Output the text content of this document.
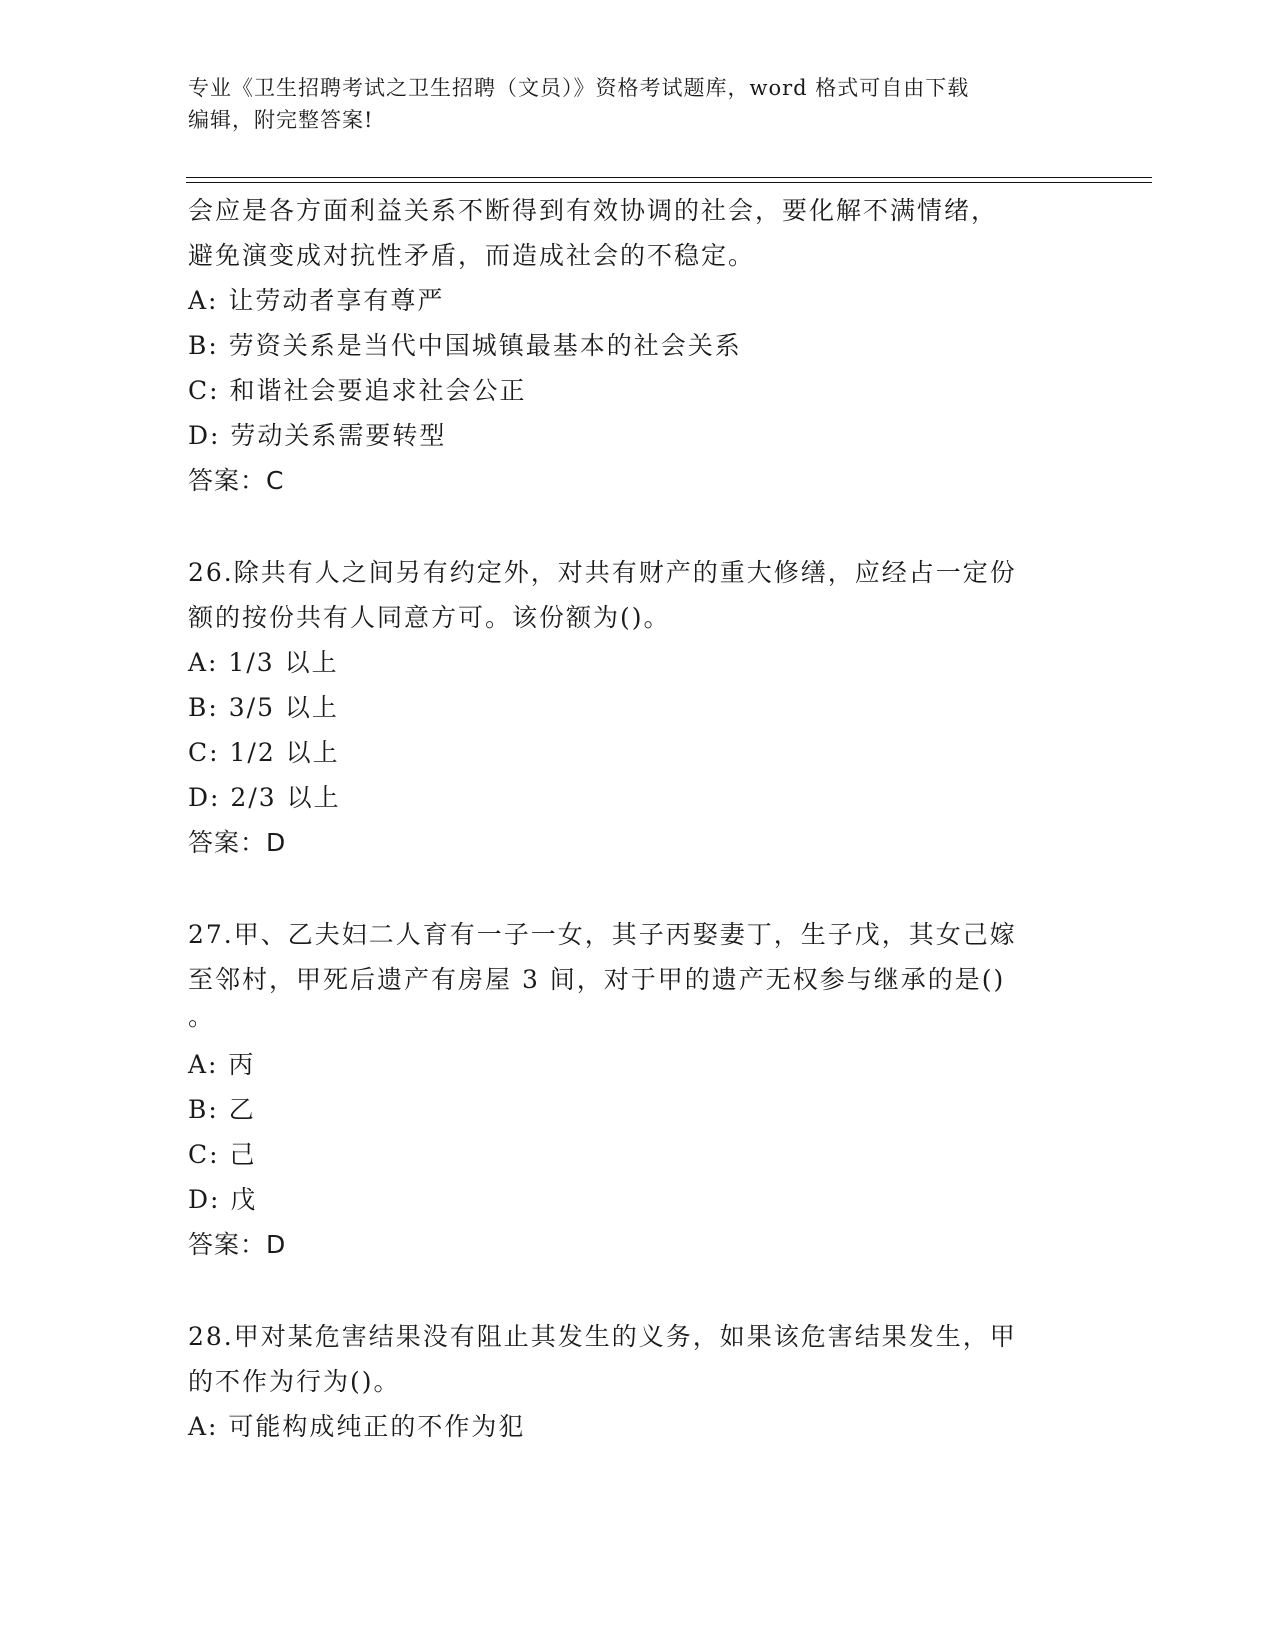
专业《卫生招聘考试之卫生招聘（文员）》资格考试题库，word 格式可自由下载
编辑，附完整答案!
会应是各方面利益关系不断得到有效协调的社会，要化解不满情绪，
避免演变成对抗性矛盾，而造成社会的不稳定。
A: 让劳动者享有尊严
B: 劳资关系是当代中国城镇最基本的社会关系
C: 和谐社会要追求社会公正
D: 劳动关系需要转型
答案：C
26.除共有人之间另有约定外，对共有财产的重大修缮，应经占一定份
额的按份共有人同意方可。该份额为()。
A: 1/3 以上
B: 3/5 以上
C: 1/2 以上
D: 2/3 以上
答案：D
27.甲、乙夫妇二人育有一子一女，其子丙娶妻丁，生子戊，其女己嫁
至邻村，甲死后遗产有房屋 3 间，对于甲的遗产无权参与继承的是()
。
A: 丙
B: 乙
C: 己
D: 戊
答案：D
28.甲对某危害结果没有阻止其发生的义务，如果该危害结果发生，甲
的不作为行为()。
A: 可能构成纯正的不作为犯
